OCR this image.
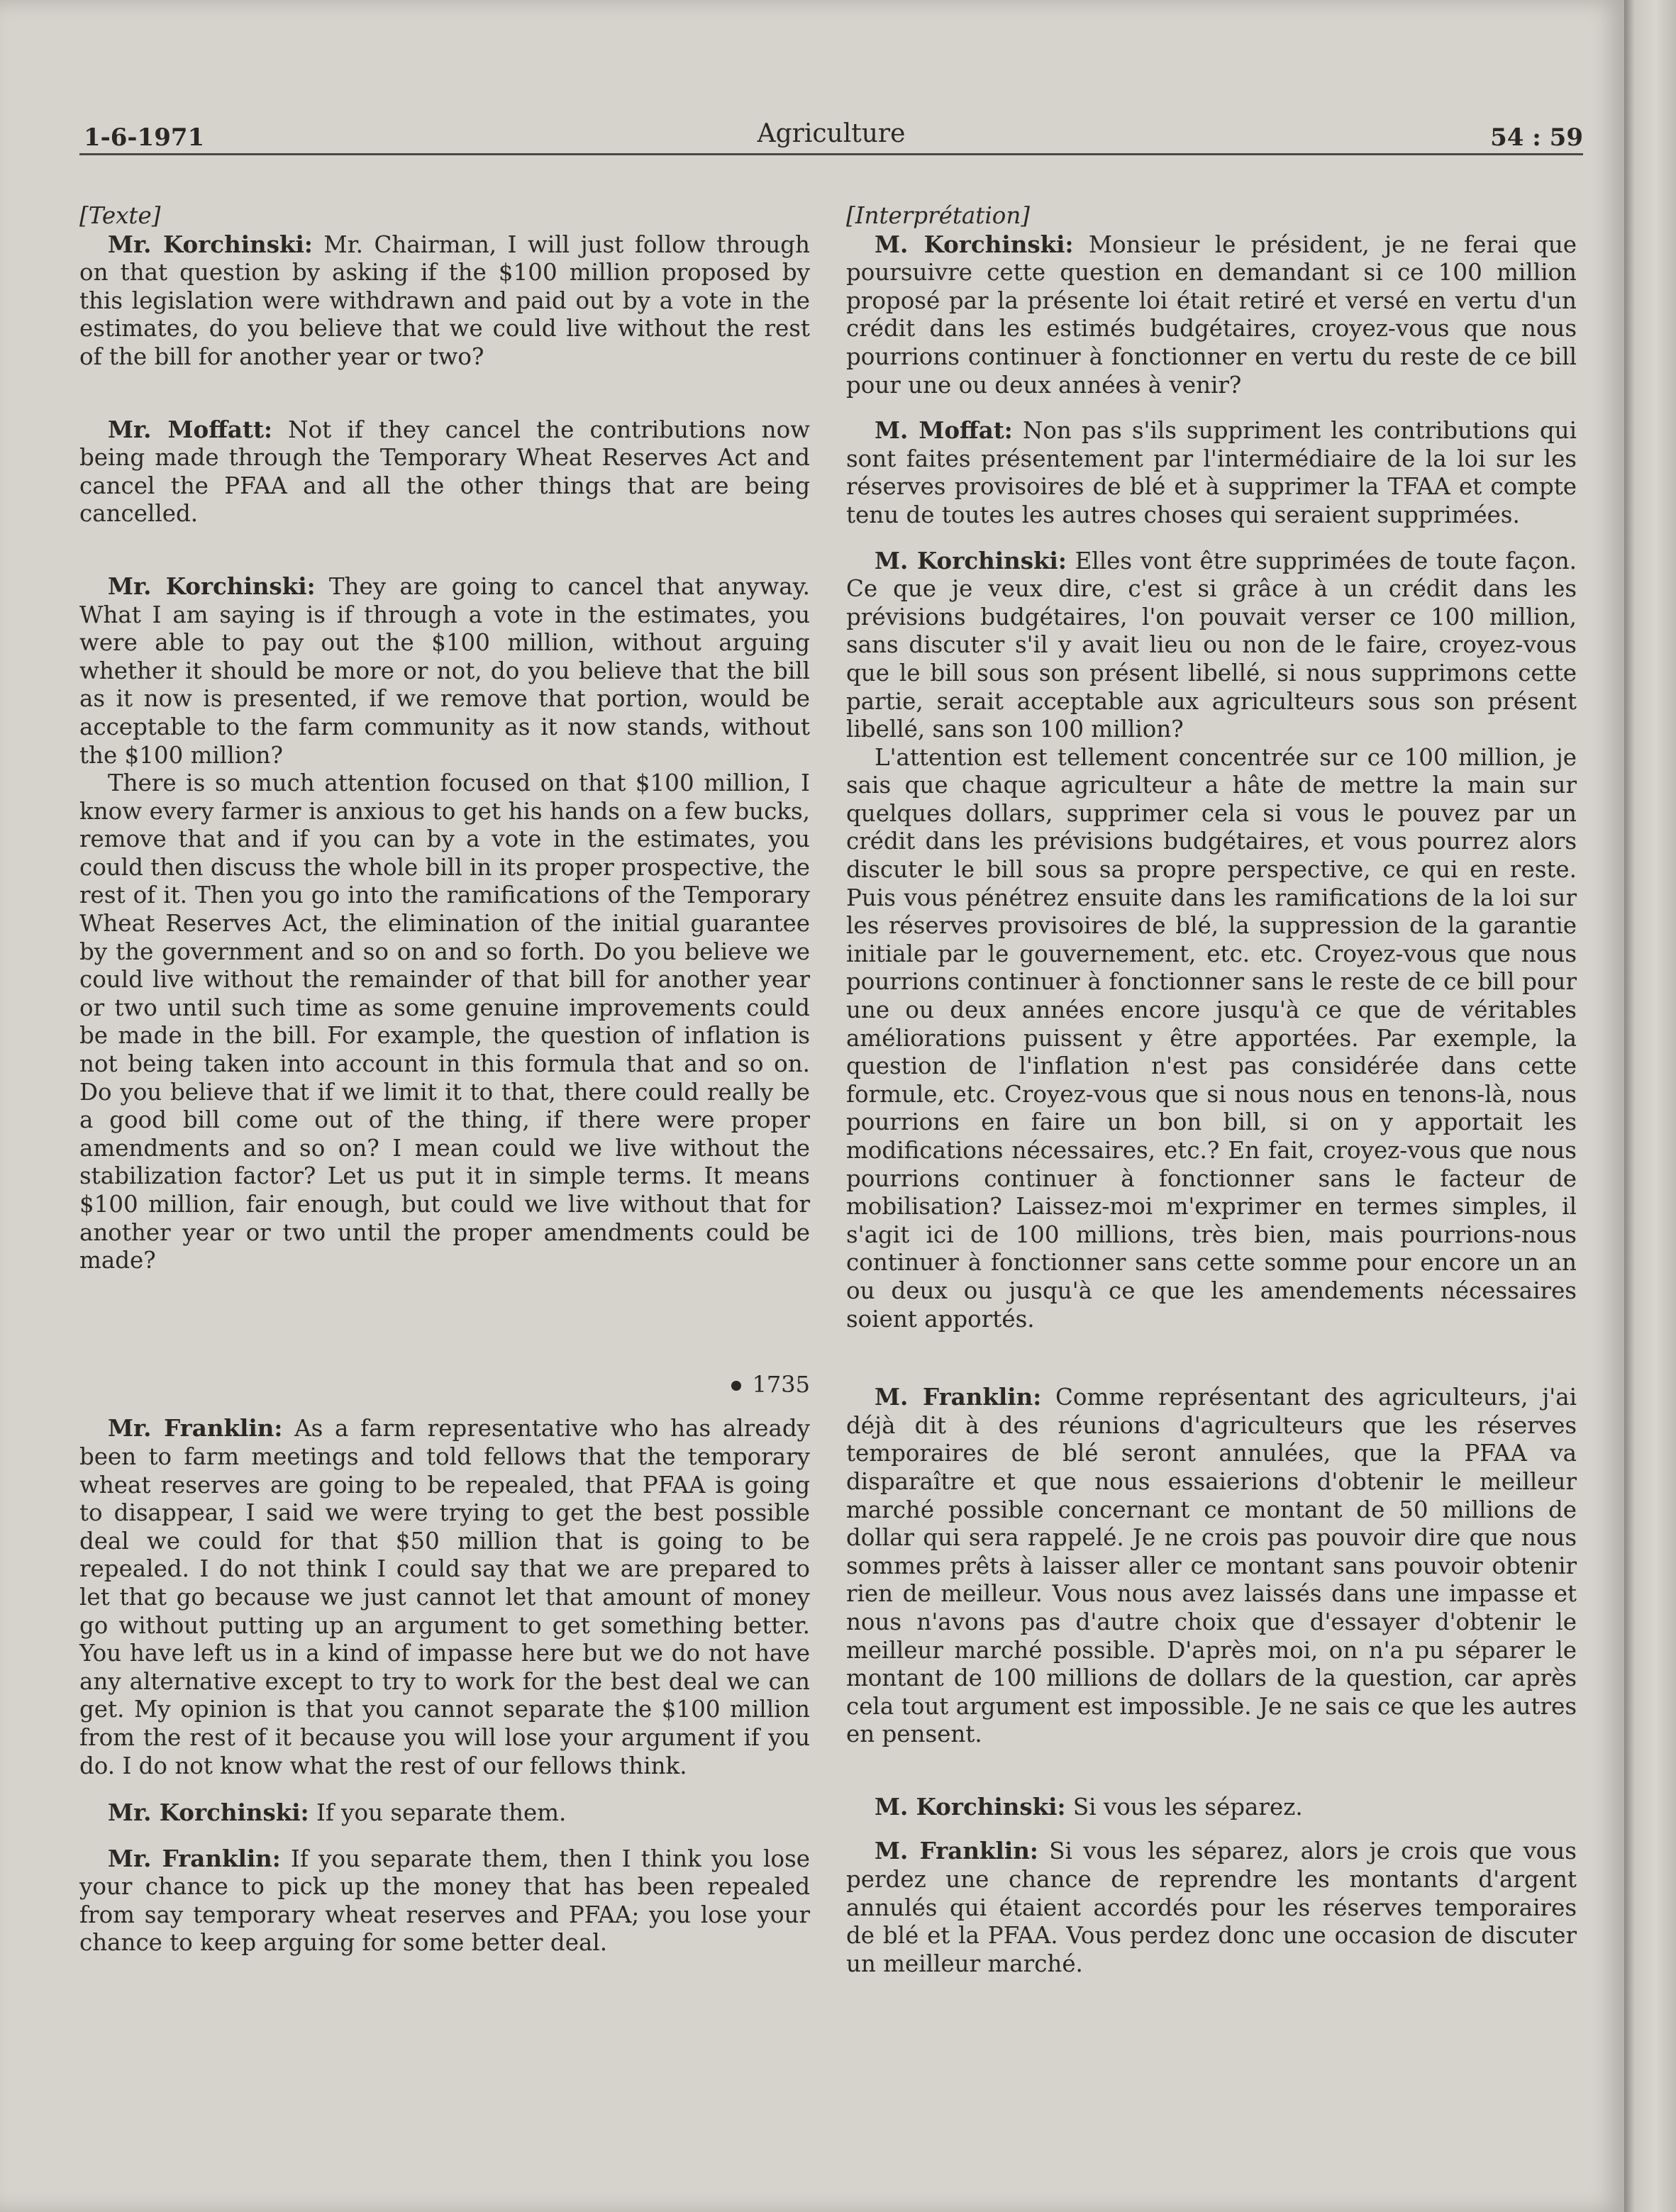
1-6-1971	Agriculture	54 : 59

[Texte]

Mr. Korchinski: Mr. Chairman, I will just follow through on that question by asking if the $100 million proposed by this legislation were withdrawn and paid out by a vote in the estimates, do you believe that we could live without the rest of the bill for another year or two?

Mr. Moffatt: Not if they cancel the contributions now being made through the Temporary Wheat Reserves Act and cancel the PFAA and all the other things that are being cancelled.

Mr. Korchinski: They are going to cancel that anyway. What I am saying is if through a vote in the estimates, you were able to pay out the $100 million, without arguing whether it should be more or not, do you believe that the bill as it now is presented, if we remove that portion, would be acceptable to the farm community as it now stands, without the $100 million?

There is so much attention focused on that $100 million, I know every farmer is anxious to get his hands on a few bucks, remove that and if you can by a vote in the estimates, you could then discuss the whole bill in its proper prospective, the rest of it. Then you go into the ramifications of the Temporary Wheat Reserves Act, the elimination of the initial guarantee by the government and so on and so forth. Do you believe we could live without the remainder of that bill for another year or two until such time as some genuine improvements could be made in the bill. For example, the question of inflation is not being taken into account in this formula that and so on. Do you believe that if we limit it to that, there could really be a good bill come out of the thing, if there were proper amendments and so on? I mean could we live without the stabilization factor? Let us put it in simple terms. It means $100 million, fair enough, but could we live without that for another year or two until the proper amendments could be made?

1735

Mr. Franklin: As a farm representative who has already been to farm meetings and told fellows that the temporary wheat reserves are going to be repealed, that PFAA is going to disappear, I said we were trying to get the best possible deal we could for that $50 million that is going to be repealed. I do not think I could say that we are prepared to let that go because we just cannot let that amount of money go without putting up an argument to get something better. You have left us in a kind of impasse here but we do not have any alternative except to try to work for the best deal we can get. My opinion is that you cannot separate the $100 million from the rest of it because you will lose your argument if you do. I do not know what the rest of our fellows think.

Mr. Korchinski: If you separate them.

Mr. Franklin: If you separate them, then I think you lose your chance to pick up the money that has been repealed from say temporary wheat reserves and PFAA; you lose your chance to keep arguing for some better deal.

[Interprétation]

M. Korchinski: Monsieur le président, je ne ferai que poursuivre cette question en demandant si ce 100 million proposé par la présente loi était retiré et versé en vertu d'un crédit dans les estimés budgétaires, croyez-vous que nous pourrions continuer à fonctionner en vertu du reste de ce bill pour une ou deux années à venir?

M. Moffat: Non pas s'ils suppriment les contributions qui sont faites présentement par l'intermédiaire de la loi sur les réserves provisoires de blé et à supprimer la TFAA et compte tenu de toutes les autres choses qui seraient supprimées.

M. Korchinski: Elles vont être supprimées de toute façon. Ce que je veux dire, c'est si grâce à un crédit dans les prévisions budgétaires, l'on pouvait verser ce 100 million, sans discuter s'il y avait lieu ou non de le faire, croyez-vous que le bill sous son présent libellé, si nous supprimons cette partie, serait acceptable aux agriculteurs sous son présent libellé, sans son 100 million?

L'attention est tellement concentrée sur ce 100 million, je sais que chaque agriculteur a hâte de mettre la main sur quelques dollars, supprimer cela si vous le pouvez par un crédit dans les prévisions budgétaires, et vous pourrez alors discuter le bill sous sa propre perspective, ce qui en reste. Puis vous pénétrez ensuite dans les ramifications de la loi sur les réserves provisoires de blé, la suppression de la garantie initiale par le gouvernement, etc. etc. Croyez-vous que nous pourrions continuer à fonctionner sans le reste de ce bill pour une ou deux années encore jusqu'à ce que de véritables améliorations puissent y être apportées. Par exemple, la question de l'inflation n'est pas considérée dans cette formule, etc. Croyez-vous que si nous nous en tenons-là, nous pourrions en faire un bon bill, si on y apportait les modifications nécessaires, etc.? En fait, croyez-vous que nous pourrions continuer à fonctionner sans le facteur de mobilisation? Laissez-moi m'exprimer en termes simples, il s'agit ici de 100 millions, très bien, mais pourrions-nous continuer à fonctionner sans cette somme pour encore un an ou deux ou jusqu'à ce que les amendements nécessaires soient apportés.

M. Franklin: Comme représentant des agriculteurs, j'ai déjà dit à des réunions d'agriculteurs que les réserves temporaires de blé seront annulées, que la PFAA va disparaître et que nous essaierions d'obtenir le meilleur marché possible concernant ce montant de 50 millions de dollar qui sera rappelé. Je ne crois pas pouvoir dire que nous sommes prêts à laisser aller ce montant sans pouvoir obtenir rien de meilleur. Vous nous avez laissés dans une impasse et nous n'avons pas d'autre choix que d'essayer d'obtenir le meilleur marché possible. D'après moi, on n'a pu séparer le montant de 100 millions de dollars de la question, car après cela tout argument est impossible. Je ne sais ce que les autres en pensent.

M. Korchinski: Si vous les séparez.

M. Franklin: Si vous les séparez, alors je crois que vous perdez une chance de reprendre les montants d'argent annulés qui étaient accordés pour les réserves temporaires de blé et la PFAA. Vous perdez donc une occasion de discuter un meilleur marché.
